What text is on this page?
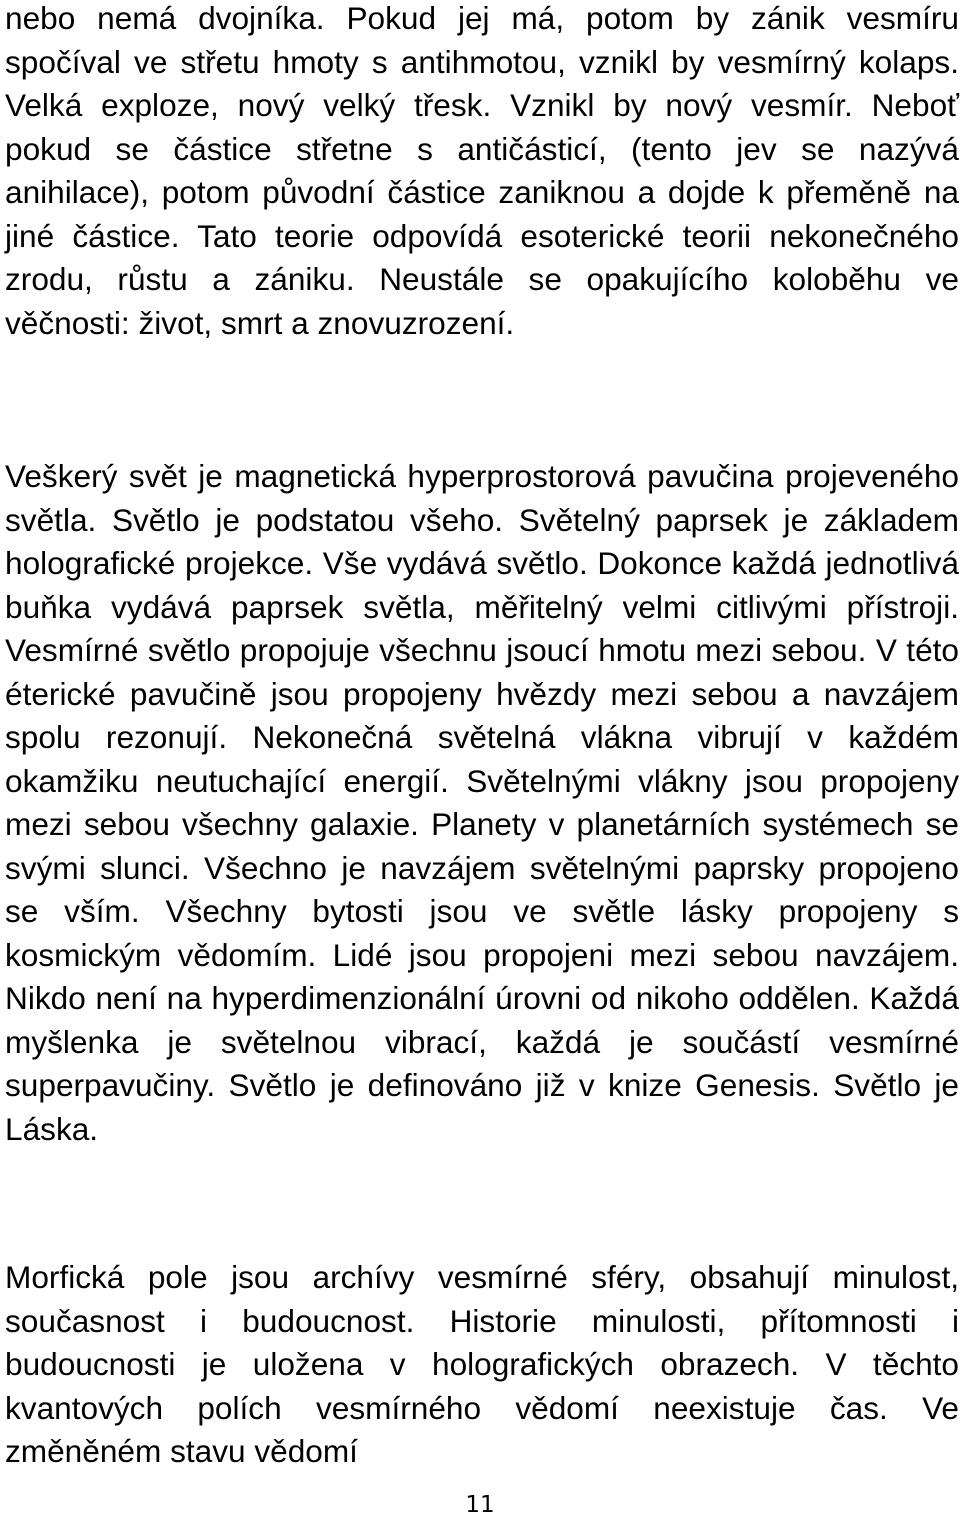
nebo nemá dvojníka. Pokud jej má, potom by zánik vesmíru spočíval ve střetu hmoty s antihmotou, vznikl by vesmírný kolaps. Velká exploze, nový velký třesk. Vznikl by nový vesmír. Neboť pokud se částice střetne s antičásticí, (tento jev se nazývá anihilace), potom původní částice zaniknou a dojde k přeměně na jiné částice. Tato teorie odpovídá esoterické teorii nekonečného zrodu, růstu a zániku. Neustále se opakujícího koloběhu ve věčnosti: život, smrt a znovuzrození.

Veškerý svět je magnetická hyperprostorová pavučina projeveného světla. Světlo je podstatou všeho. Světelný paprsek je základem holografické projekce. Vše vydává světlo. Dokonce každá jednotlivá buňka vydává paprsek světla, měřitelný velmi citlivými přístroji. Vesmírné světlo propojuje všechnu jsoucí hmotu mezi sebou. V této éterické pavučině jsou propojeny hvězdy mezi sebou a navzájem spolu rezonují. Nekonečná světelná vlákna vibrují v každém okamžiku neutuchající energií. Světelnými vlákny jsou propojeny mezi sebou všechny galaxie. Planety v planetárních systémech se svými slunci. Všechno je navzájem světelnými paprsky propojeno se vším. Všechny bytosti jsou ve světle lásky propojeny s kosmickým vědomím. Lidé jsou propojeni mezi sebou navzájem. Nikdo není na hyperdimenzionální úrovni od nikoho oddělen. Každá myšlenka je světelnou vibrací, každá je součástí vesmírné superpavučiny. Světlo je definováno již v knize Genesis. Světlo je Láska.

Morfická pole jsou archívy vesmírné sféry, obsahují minulost, současnost i budoucnost. Historie minulosti, přítomnosti i budoucnosti je uložena v holografických obrazech. V těchto kvantových polích vesmírného vědomí neexistuje čas. Ve změněném stavu vědomí

11
